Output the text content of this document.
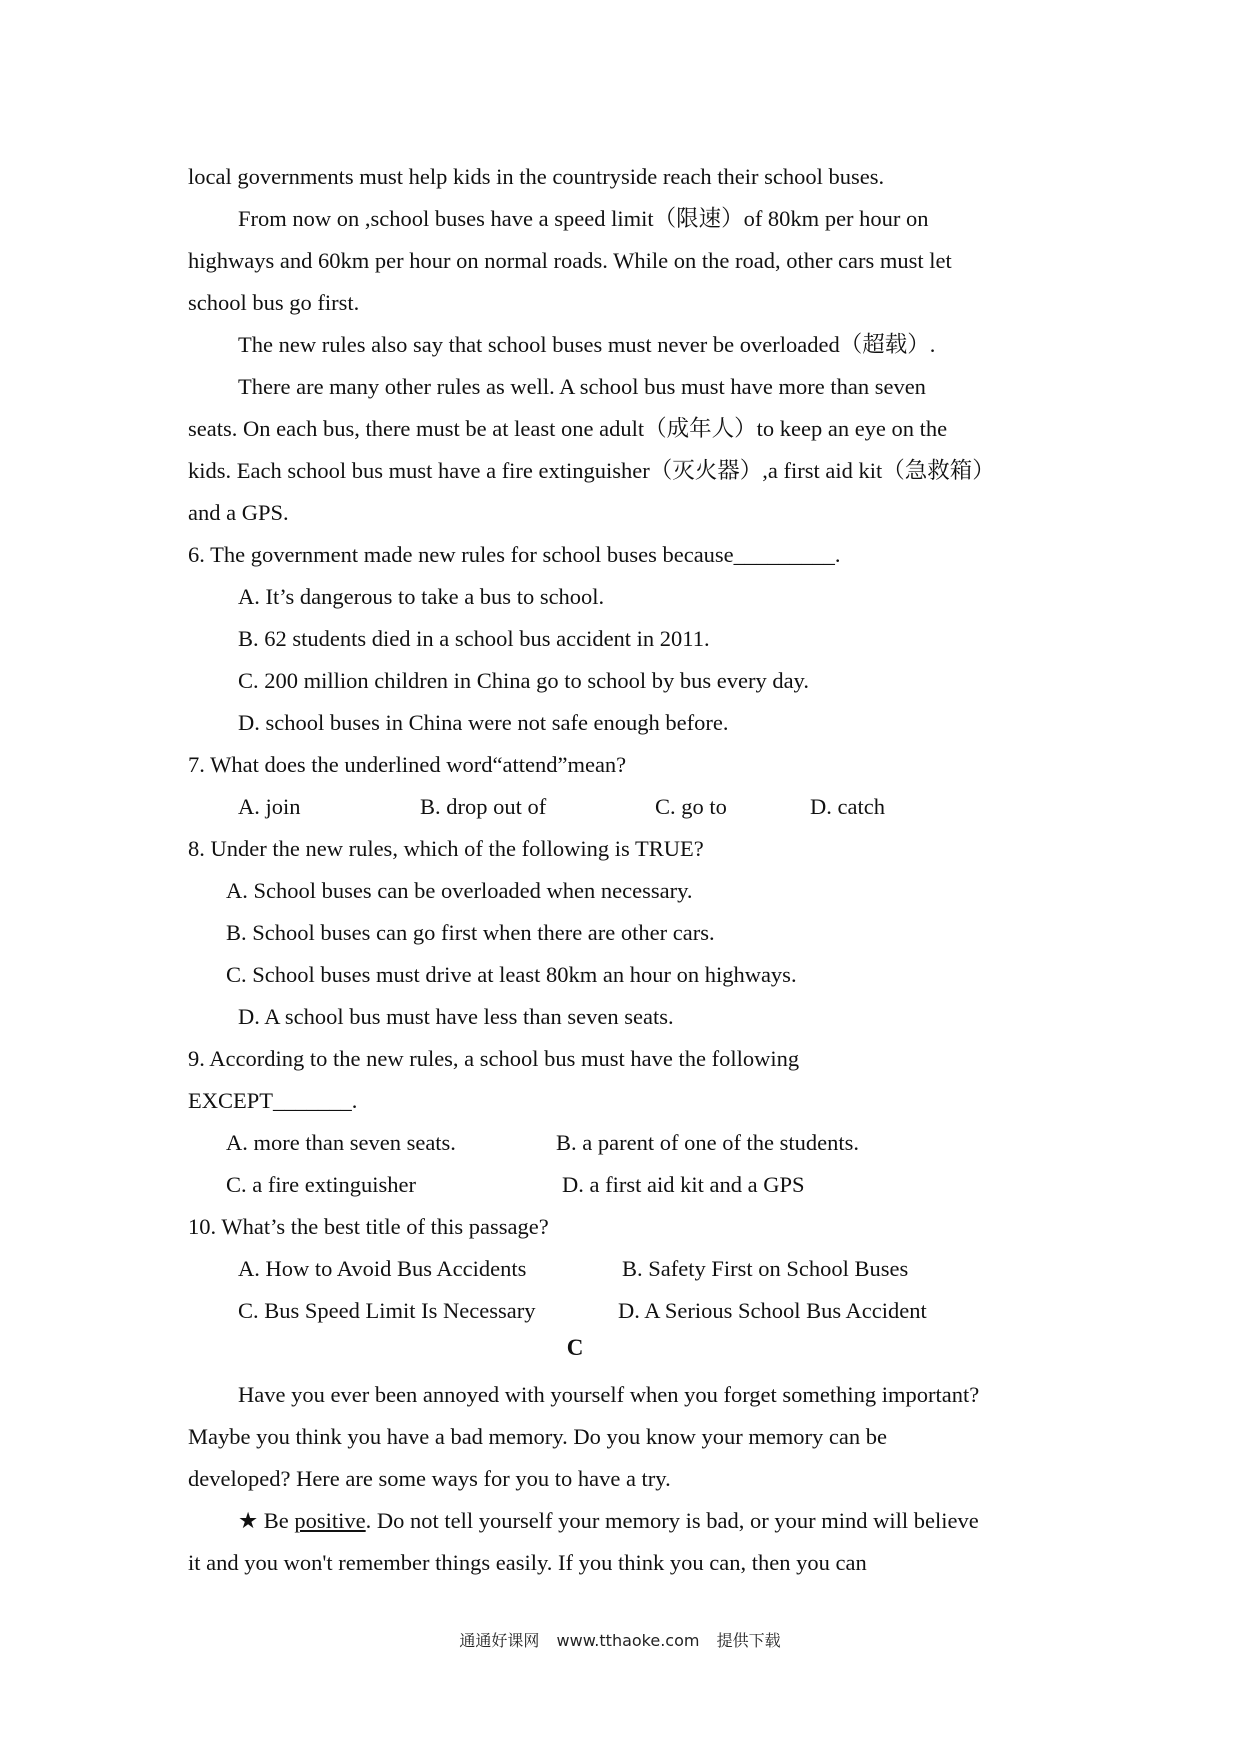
local governments must help kids in the countryside reach their school buses.
From now on ,school buses have a speed limit（限速）of 80km per hour on
highways and 60km per hour on normal roads. While on the road, other cars must let
school bus go first.
The new rules also say that school buses must never be overloaded（超载）.
There are many other rules as well. A school bus must have more than seven
seats. On each bus, there must be at least one adult（成年人）to keep an eye on the
kids. Each school bus must have a fire extinguisher（灭火器）,a first aid kit（急救箱）
and a GPS.
6. The government made new rules for school buses because_________.
A. It’s dangerous to take a bus to school.
B. 62 students died in a school bus accident in 2011.
C. 200 million children in China go to school by bus every day.
D. school buses in China were not safe enough before.
7. What does the underlined word“attend”mean?
A. join	B. drop out of	C. go to	D. catch
8. Under the new rules, which of the following is TRUE?
A. School buses can be overloaded when necessary.
B. School buses can go first when there are other cars.
C. School buses must drive at least 80km an hour on highways.
D. A school bus must have less than seven seats.
9. According to the new rules, a school bus must have the following
EXCEPT_______.
A. more than seven seats.	B. a parent of one of the students.
C. a fire extinguisher	D. a first aid kit and a GPS
10. What’s the best title of this passage?
A. How to Avoid Bus Accidents	B. Safety First on School Buses
C. Bus Speed Limit Is Necessary	D. A Serious School Bus Accident
C
Have you ever been annoyed with yourself when you forget something important?
Maybe you think you have a bad memory. Do you know your memory can be
developed? Here are some ways for you to have a try.
★ Be positive. Do not tell yourself your memory is bad, or your mind will believe
it and you won't remember things easily. If you think you can, then you can
通通好课网 www.tthaoke.com 提供下载
